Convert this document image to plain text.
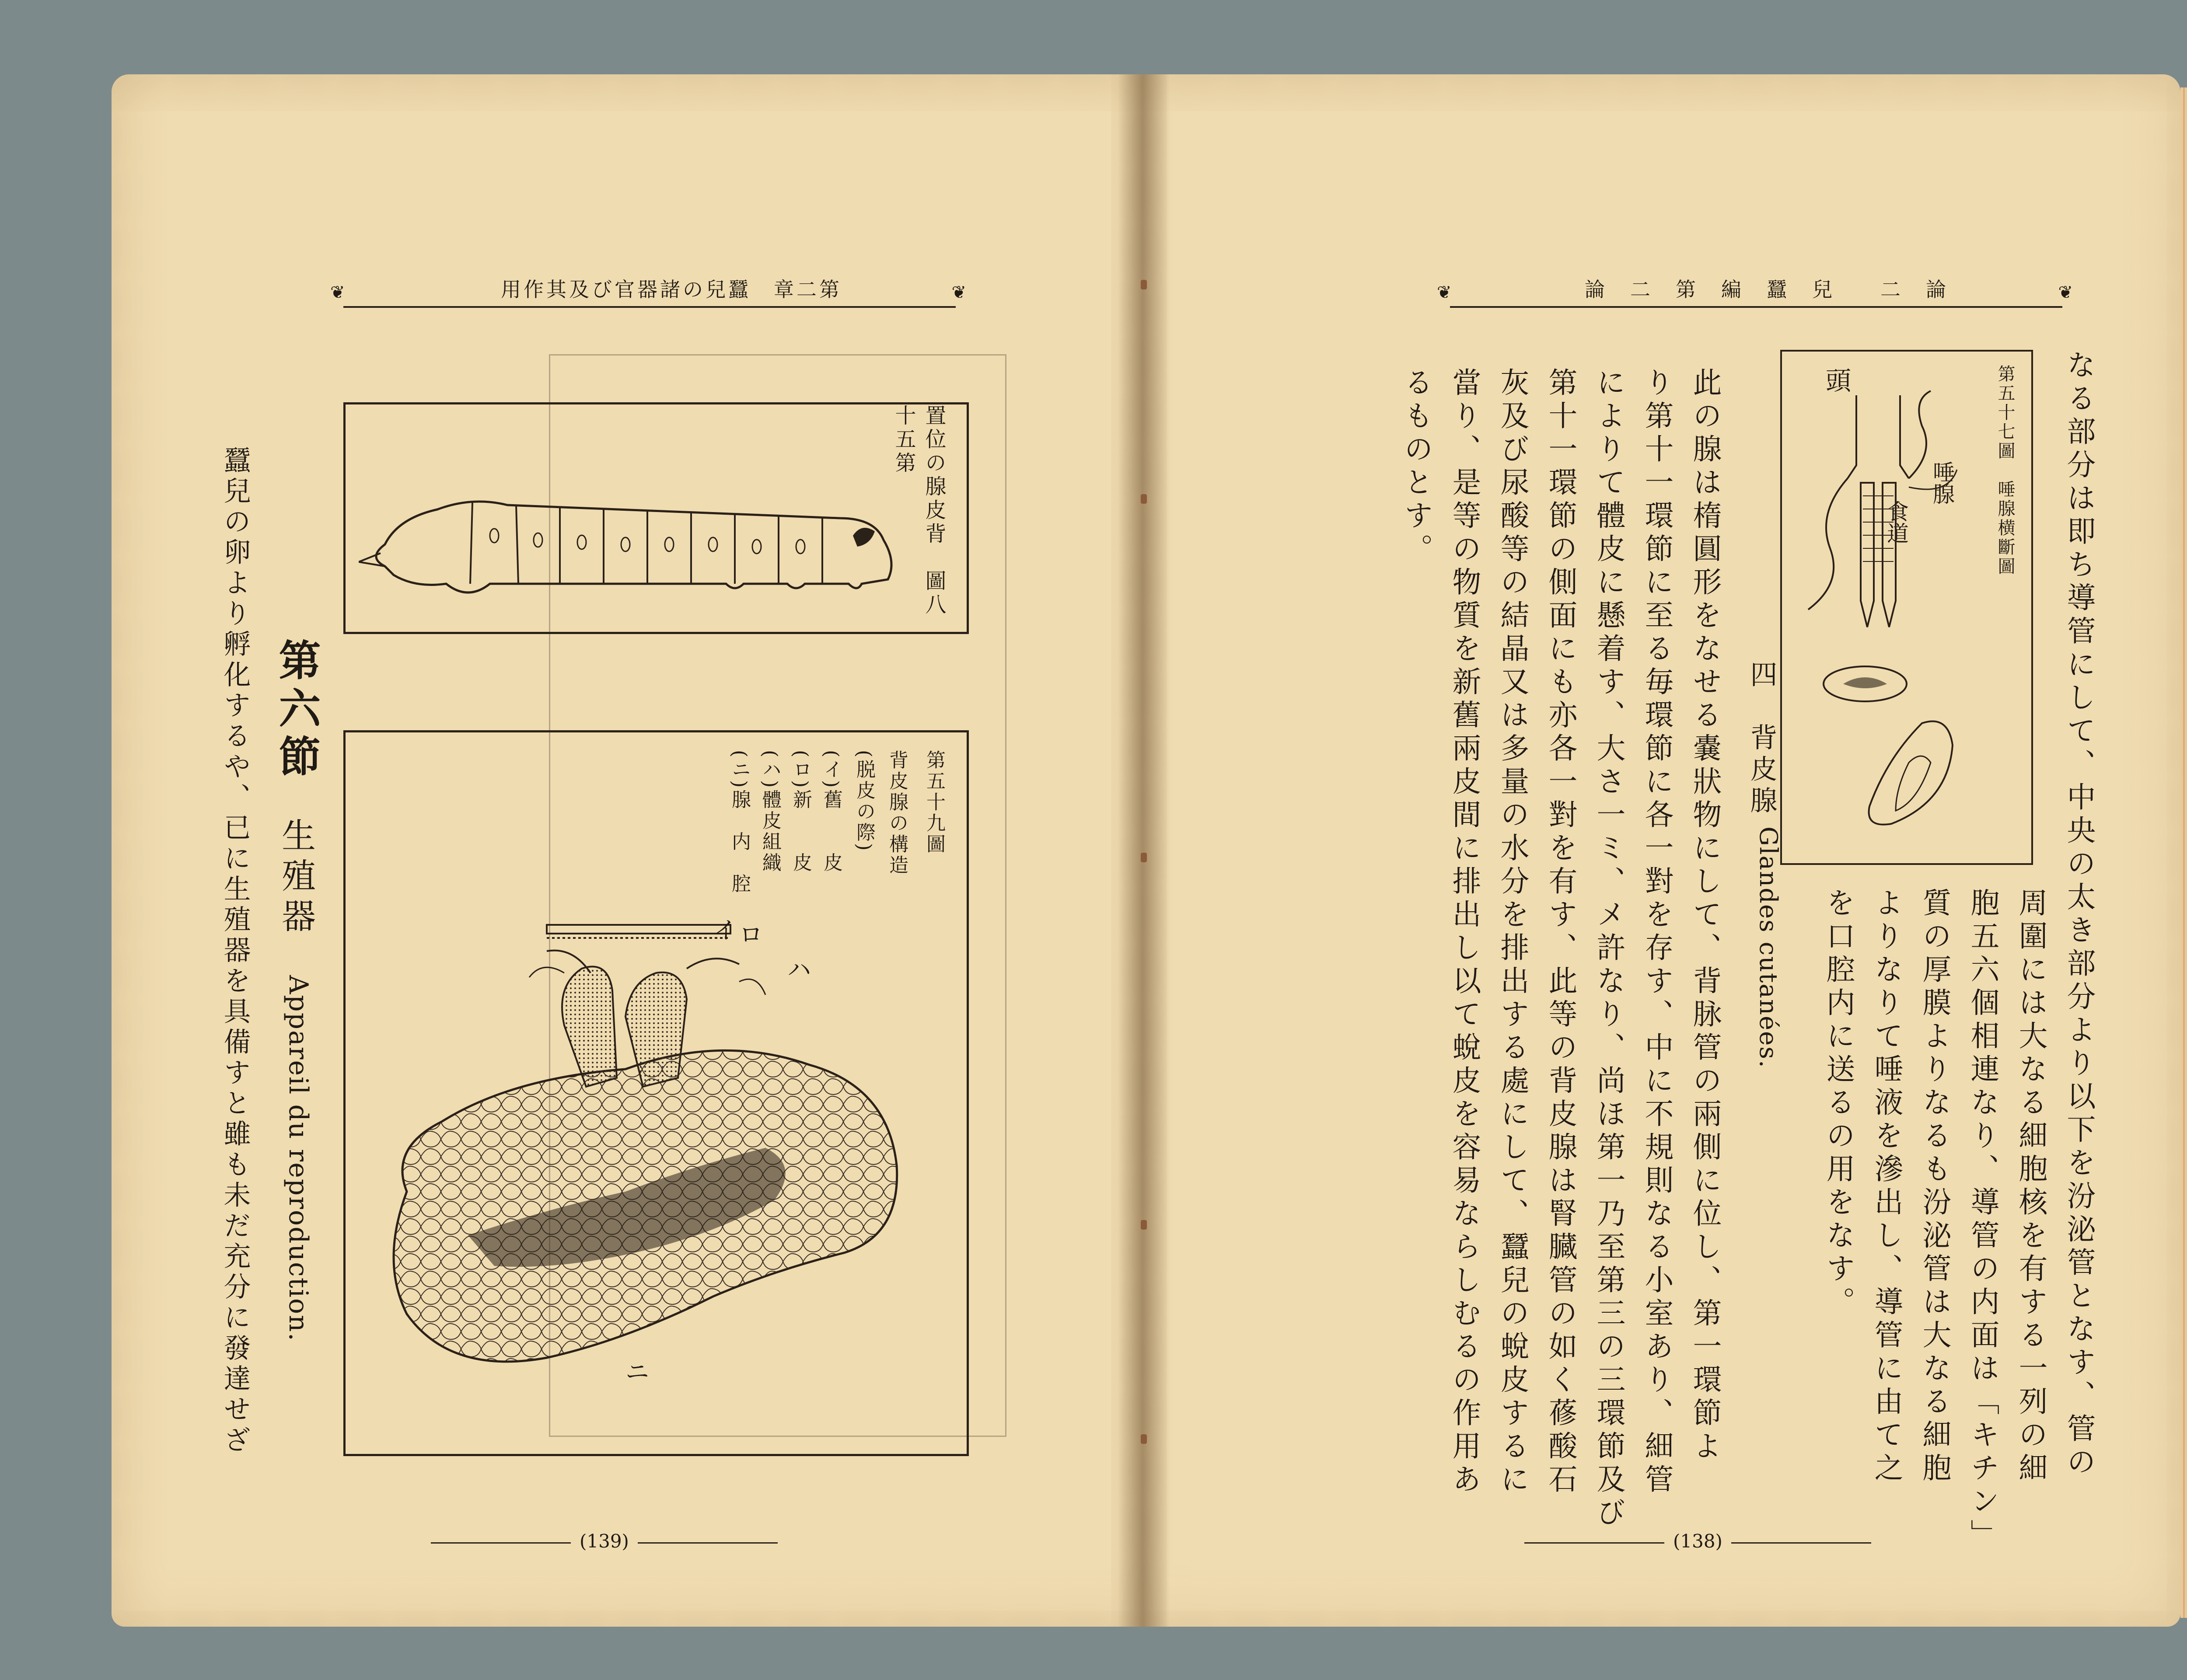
❦	用作其及び官器諸の兒蠶　章二第	❦
置位の腺皮背　圖八十五第
第五十九圖
背皮腺の構造
(脱皮の際)
(イ)舊　　皮
(ロ)新　　皮
(ハ)體皮組織
(ニ)腺　内　腔
イ ロ
ハ
ニ
第六節
生殖器
Appareil du reproduction.
蠶兒の卵より孵化するや、已に生殖器を具備すと雖も未だ充分に發達せざ
(139)
❦	論　二　第　編　蠶　兒　　二　論	❦
なる部分は即ち導管にして、中央の太き部分より以下を汾泌管となす、管の
周圍には大なる細胞核を有する一列の細
胞五六個相連なり、導管の内面は「キチン」
質の厚膜よりなるも汾泌管は大なる細胞
よりなりて唾液を滲出し、導管に由て之
を口腔内に送るの用をなす。
第五十七圖　唾腺横斷圖
頭
唾腺
食道
四　背皮腺
Glandes cutanées.
此の腺は楕圓形をなせる嚢狀物にして、背脉管の兩側に位し、第一環節よ
り第十一環節に至る毎環節に各一對を存す、中に不規則なる小室あり、細管
によりて體皮に懸着す、大さ一ミ、メ許なり、尚ほ第一乃至第三の三環節及び
第十一環節の側面にも亦各一對を有す、此等の背皮腺は腎臓管の如く蓚酸石
灰及び尿酸等の結晶又は多量の水分を排出する處にして、蠶兒の蛻皮するに
當り、是等の物質を新舊兩皮間に排出し以て蛻皮を容易ならしむるの作用あ
るものとす。
(138)
